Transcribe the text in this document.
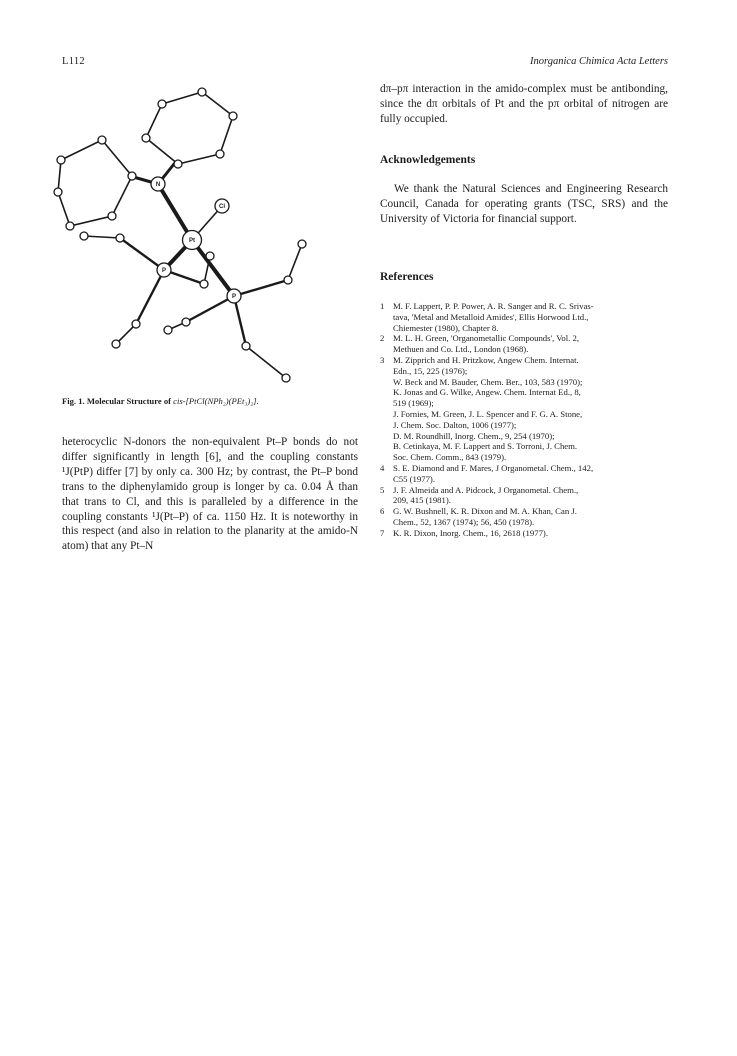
L112	Inorganica Chimica Acta Letters
N
Cl
Pt
P
P
Fig. 1. Molecular Structure of cis-[PtCl(NPh₂)(PEt₃)₂].

heterocyclic N-donors the non-equivalent Pt–P bonds do not differ significantly in length [6], and the coupling constants ¹J(PtP) differ [7] by only ca. 300 Hz; by contrast, the Pt–P bond trans to the diphenylamido group is longer by ca. 0.04 Å than that trans to Cl, and this is paralleled by a difference in the coupling constants ¹J(Pt–P) of ca. 1150 Hz. It is noteworthy in this respect (and also in relation to the planarity at the amido-N atom) that any Pt–N

dπ–pπ interaction in the amido-complex must be antibonding, since the dπ orbitals of Pt and the pπ orbital of nitrogen are fully occupied.

Acknowledgements

We thank the Natural Sciences and Engineering Research Council, Canada for operating grants (TSC, SRS) and the University of Victoria for financial support.

References
1 M. F. Lappert, P. P. Power, A. R. Sanger and R. C. Srivas-
tava, 'Metal and Metalloid Amides', Ellis Horwood Ltd.,
Chiemester (1980), Chapter 8.
2 M. L. H. Green, 'Organometallic Compounds', Vol. 2,
Methuen and Co. Ltd., London (1968).
3 M. Zipprich and H. Pritzkow, Angew Chem. Internat.
Edn., 15, 225 (1976);
W. Beck and M. Bauder, Chem. Ber., 103, 583 (1970);
K. Jonas and G. Wilke, Angew. Chem. Internat Ed., 8,
519 (1969);
J. Fornies, M. Green, J. L. Spencer and F. G. A. Stone,
J. Chem. Soc. Dalton, 1006 (1977);
D. M. Roundhill, Inorg. Chem., 9, 254 (1970);
B. Cetinkaya, M. F. Lappert and S. Torroni, J. Chem.
Soc. Chem. Comm., 843 (1979).
4 S. E. Diamond and F. Mares, J Organometal. Chem., 142,
C55 (1977).
5 J. F. Almeida and A. Pidcock, J Organometal. Chem.,
209, 415 (1981).
6 G. W. Bushnell, K. R. Dixon and M. A. Khan, Can J.
Chem., 52, 1367 (1974); 56, 450 (1978).
7 K. R. Dixon, Inorg. Chem., 16, 2618 (1977).
